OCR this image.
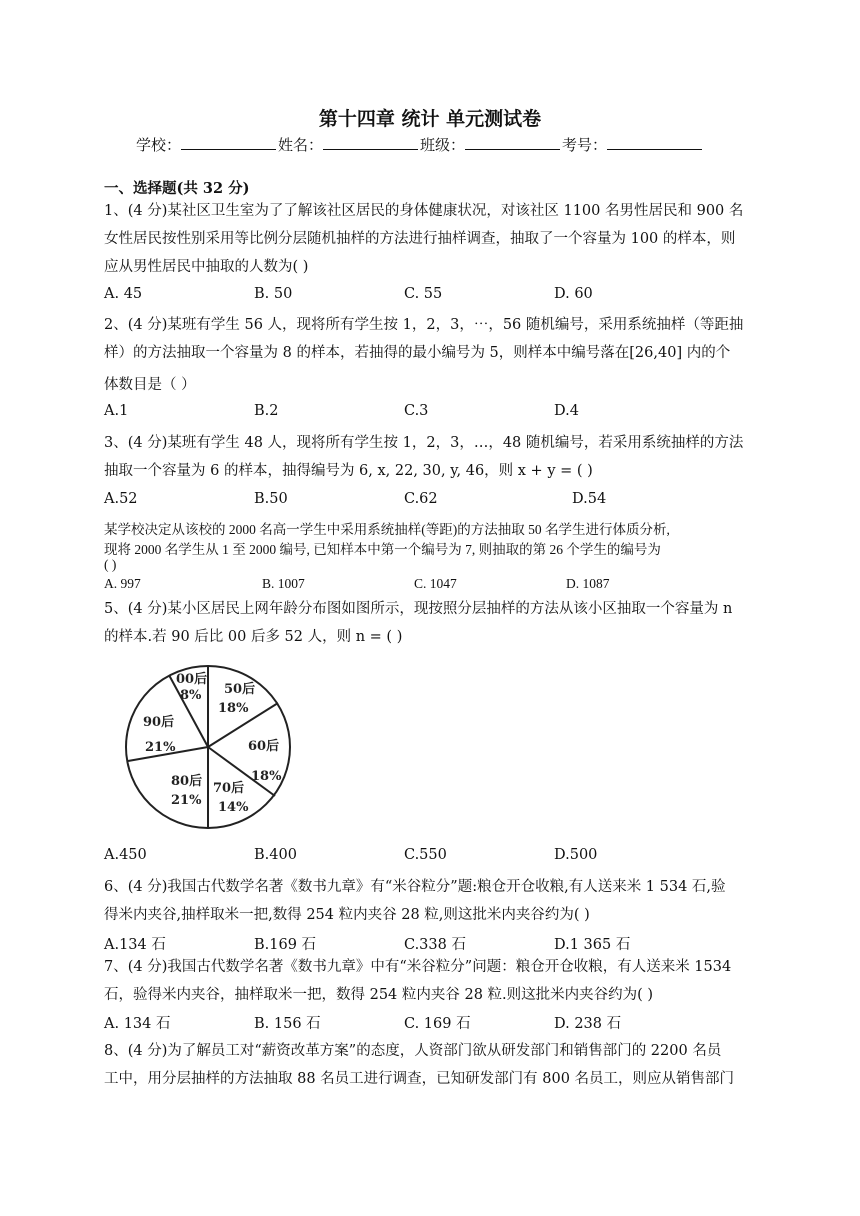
第十四章 统计 单元测试卷
学校：	姓名：	班级：	考号：
一、选择题(共 32 分)
1、(4 分)某社区卫生室为了了解该社区居民的身体健康状况，对该社区 1100 名男性居民和 900 名
女性居民按性别采用等比例分层随机抽样的方法进行抽样调查，抽取了一个容量为 100 的样本，则
应从男性居民中抽取的人数为( )
A. 45	B. 50	C. 55	D. 60
2、(4 分)某班有学生 56 人，现将所有学生按 1，2，3，⋯，56 随机编号，采用系统抽样（等距抽
样）的方法抽取一个容量为 8 的样本，若抽得的最小编号为 5，则样本中编号落在[26,40] 内的个
体数目是（ ）
A.1	B.2	C.3	D.4
3、(4 分)某班有学生 48 人，现将所有学生按 1，2，3，…，48 随机编号，若采用系统抽样的方法
抽取一个容量为 6 的样本，抽得编号为 6, x, 22, 30, y, 46，则 x + y = ( )
A.52	B.50	C.62	D.54
某学校决定从该校的 2000 名高一学生中采用系统抽样(等距)的方法抽取 50 名学生进行体质分析,
现将 2000 名学生从 1 至 2000 编号, 已知样本中第一个编号为 7, 则抽取的第 26 个学生的编号为
( )
A. 997	B. 1007	C. 1047	D. 1087
5、(4 分)某小区居民上网年龄分布图如图所示，现按照分层抽样的方法从该小区抽取一个容量为 n
的样本.若 90 后比 00 后多 52 人，则 n = ( )
00后
8% 50后
18%
60后
18%
70后
14%
80后
21%
90后
21%
A.450	B.400	C.550	D.500
6、(4 分)我国古代数学名著《数书九章》有“米谷粒分”题:粮仓开仓收粮,有人送来米 1 534 石,验
得米内夹谷,抽样取米一把,数得 254 粒内夹谷 28 粒,则这批米内夹谷约为( )
A.134 石	B.169 石	C.338 石	D.1 365 石
7、(4 分)我国古代数学名著《数书九章》中有“米谷粒分”问题：粮仓开仓收粮，有人送来米 1534
石，验得米内夹谷，抽样取米一把，数得 254 粒内夹谷 28 粒.则这批米内夹谷约为( )
A. 134 石	B. 156 石	C. 169 石	D. 238 石
8、(4 分)为了解员工对“薪资改革方案”的态度，人资部门欲从研发部门和销售部门的 2200 名员
工中，用分层抽样的方法抽取 88 名员工进行调查，已知研发部门有 800 名员工，则应从销售部门
